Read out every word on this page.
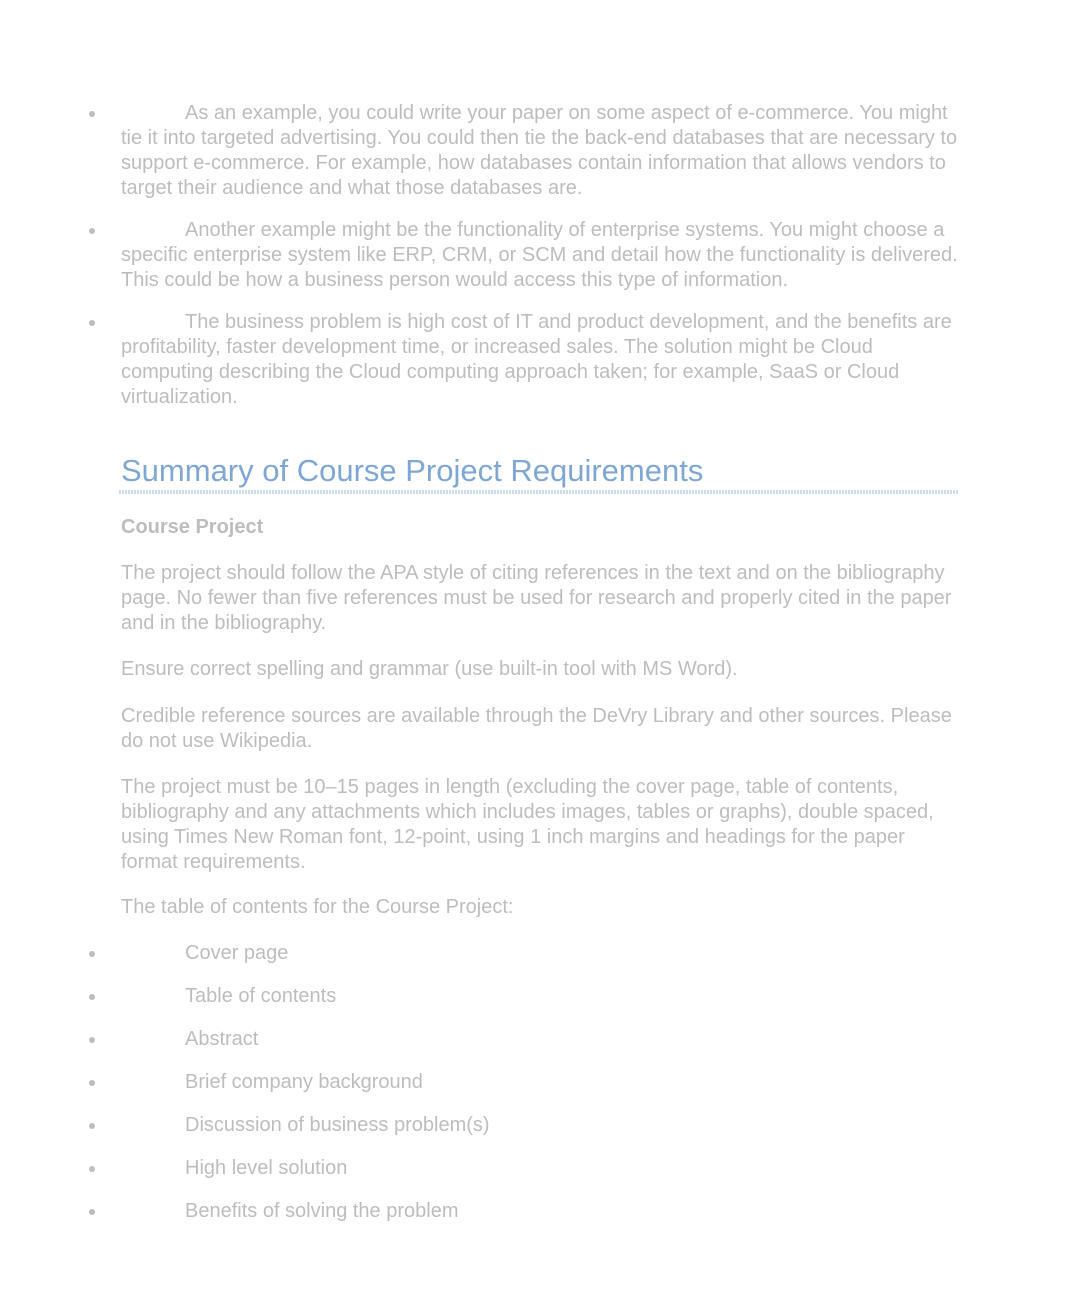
As an example, you could write your paper on some aspect of e-commerce. You might tie it into targeted advertising. You could then tie the back-end databases that are necessary to support e-commerce. For example, how databases contain information that allows vendors to target their audience and what those databases are.
Another example might be the functionality of enterprise systems. You might choose a specific enterprise system like ERP, CRM, or SCM and detail how the functionality is delivered. This could be how a business person would access this type of information.
The business problem is high cost of IT and product development, and the benefits are profitability, faster development time, or increased sales. The solution might be Cloud computing describing the Cloud computing approach taken; for example, SaaS or Cloud virtualization.
Summary of Course Project Requirements
Course Project

The project should follow the APA style of citing references in the text and on the bibliography page. No fewer than five references must be used for research and properly cited in the paper and in the bibliography.

Ensure correct spelling and grammar (use built-in tool with MS Word).

Credible reference sources are available through the DeVry Library and other sources. Please do not use Wikipedia.

The project must be 10–15 pages in length (excluding the cover page, table of contents, bibliography and any attachments which includes images, tables or graphs), double spaced, using Times New Roman font, 12-point, using 1 inch margins and headings for the paper format requirements.

The table of contents for the Course Project:

Cover page
Table of contents
Abstract
Brief company background
Discussion of business problem(s)
High level solution
Benefits of solving the problem
